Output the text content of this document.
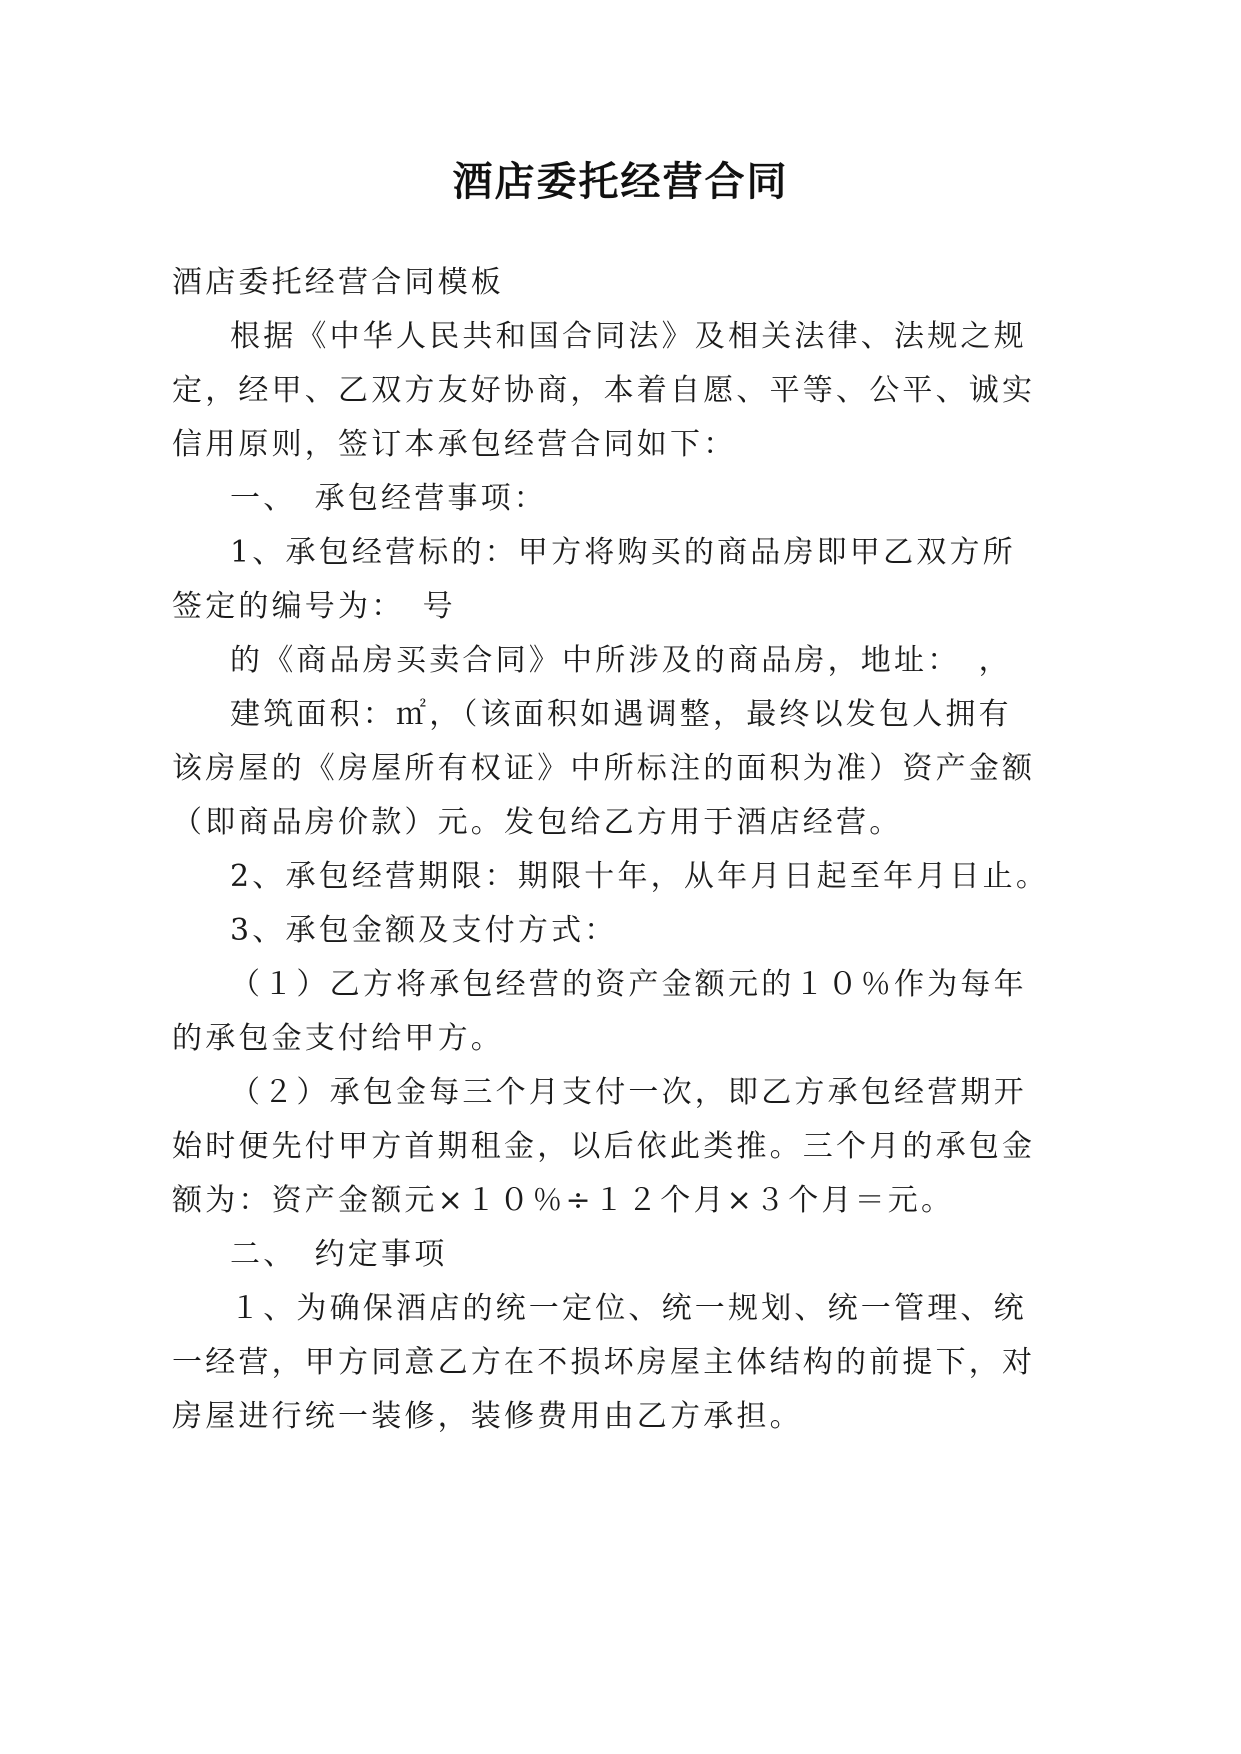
酒店委托经营合同
酒店委托经营合同模板
根据《中华人民共和国合同法》及相关法律、法规之规
定，经甲、乙双方友好协商，本着自愿、平等、公平、诚实
信用原则，签订本承包经营合同如下：
一、　承包经营事项：
1、承包经营标的：甲方将购买的商品房即甲乙双方所
签定的编号为：　号
的《商品房买卖合同》中所涉及的商品房，地址：　，
建筑面积：㎡，（该面积如遇调整，最终以发包人拥有
该房屋的《房屋所有权证》中所标注的面积为准）资产金额
（即商品房价款）元。发包给乙方用于酒店经营。
2、承包经营期限：期限十年，从年月日起至年月日止。
3、承包金额及支付方式：
（１）乙方将承包经营的资产金额元的１０％作为每年
的承包金支付给甲方。
（２）承包金每三个月支付一次，即乙方承包经营期开
始时便先付甲方首期租金，以后依此类推。三个月的承包金
额为：资产金额元×１０％÷１２个月×３个月＝元。
二、　约定事项
１、为确保酒店的统一定位、统一规划、统一管理、统
一经营，甲方同意乙方在不损坏房屋主体结构的前提下，对
房屋进行统一装修，装修费用由乙方承担。
